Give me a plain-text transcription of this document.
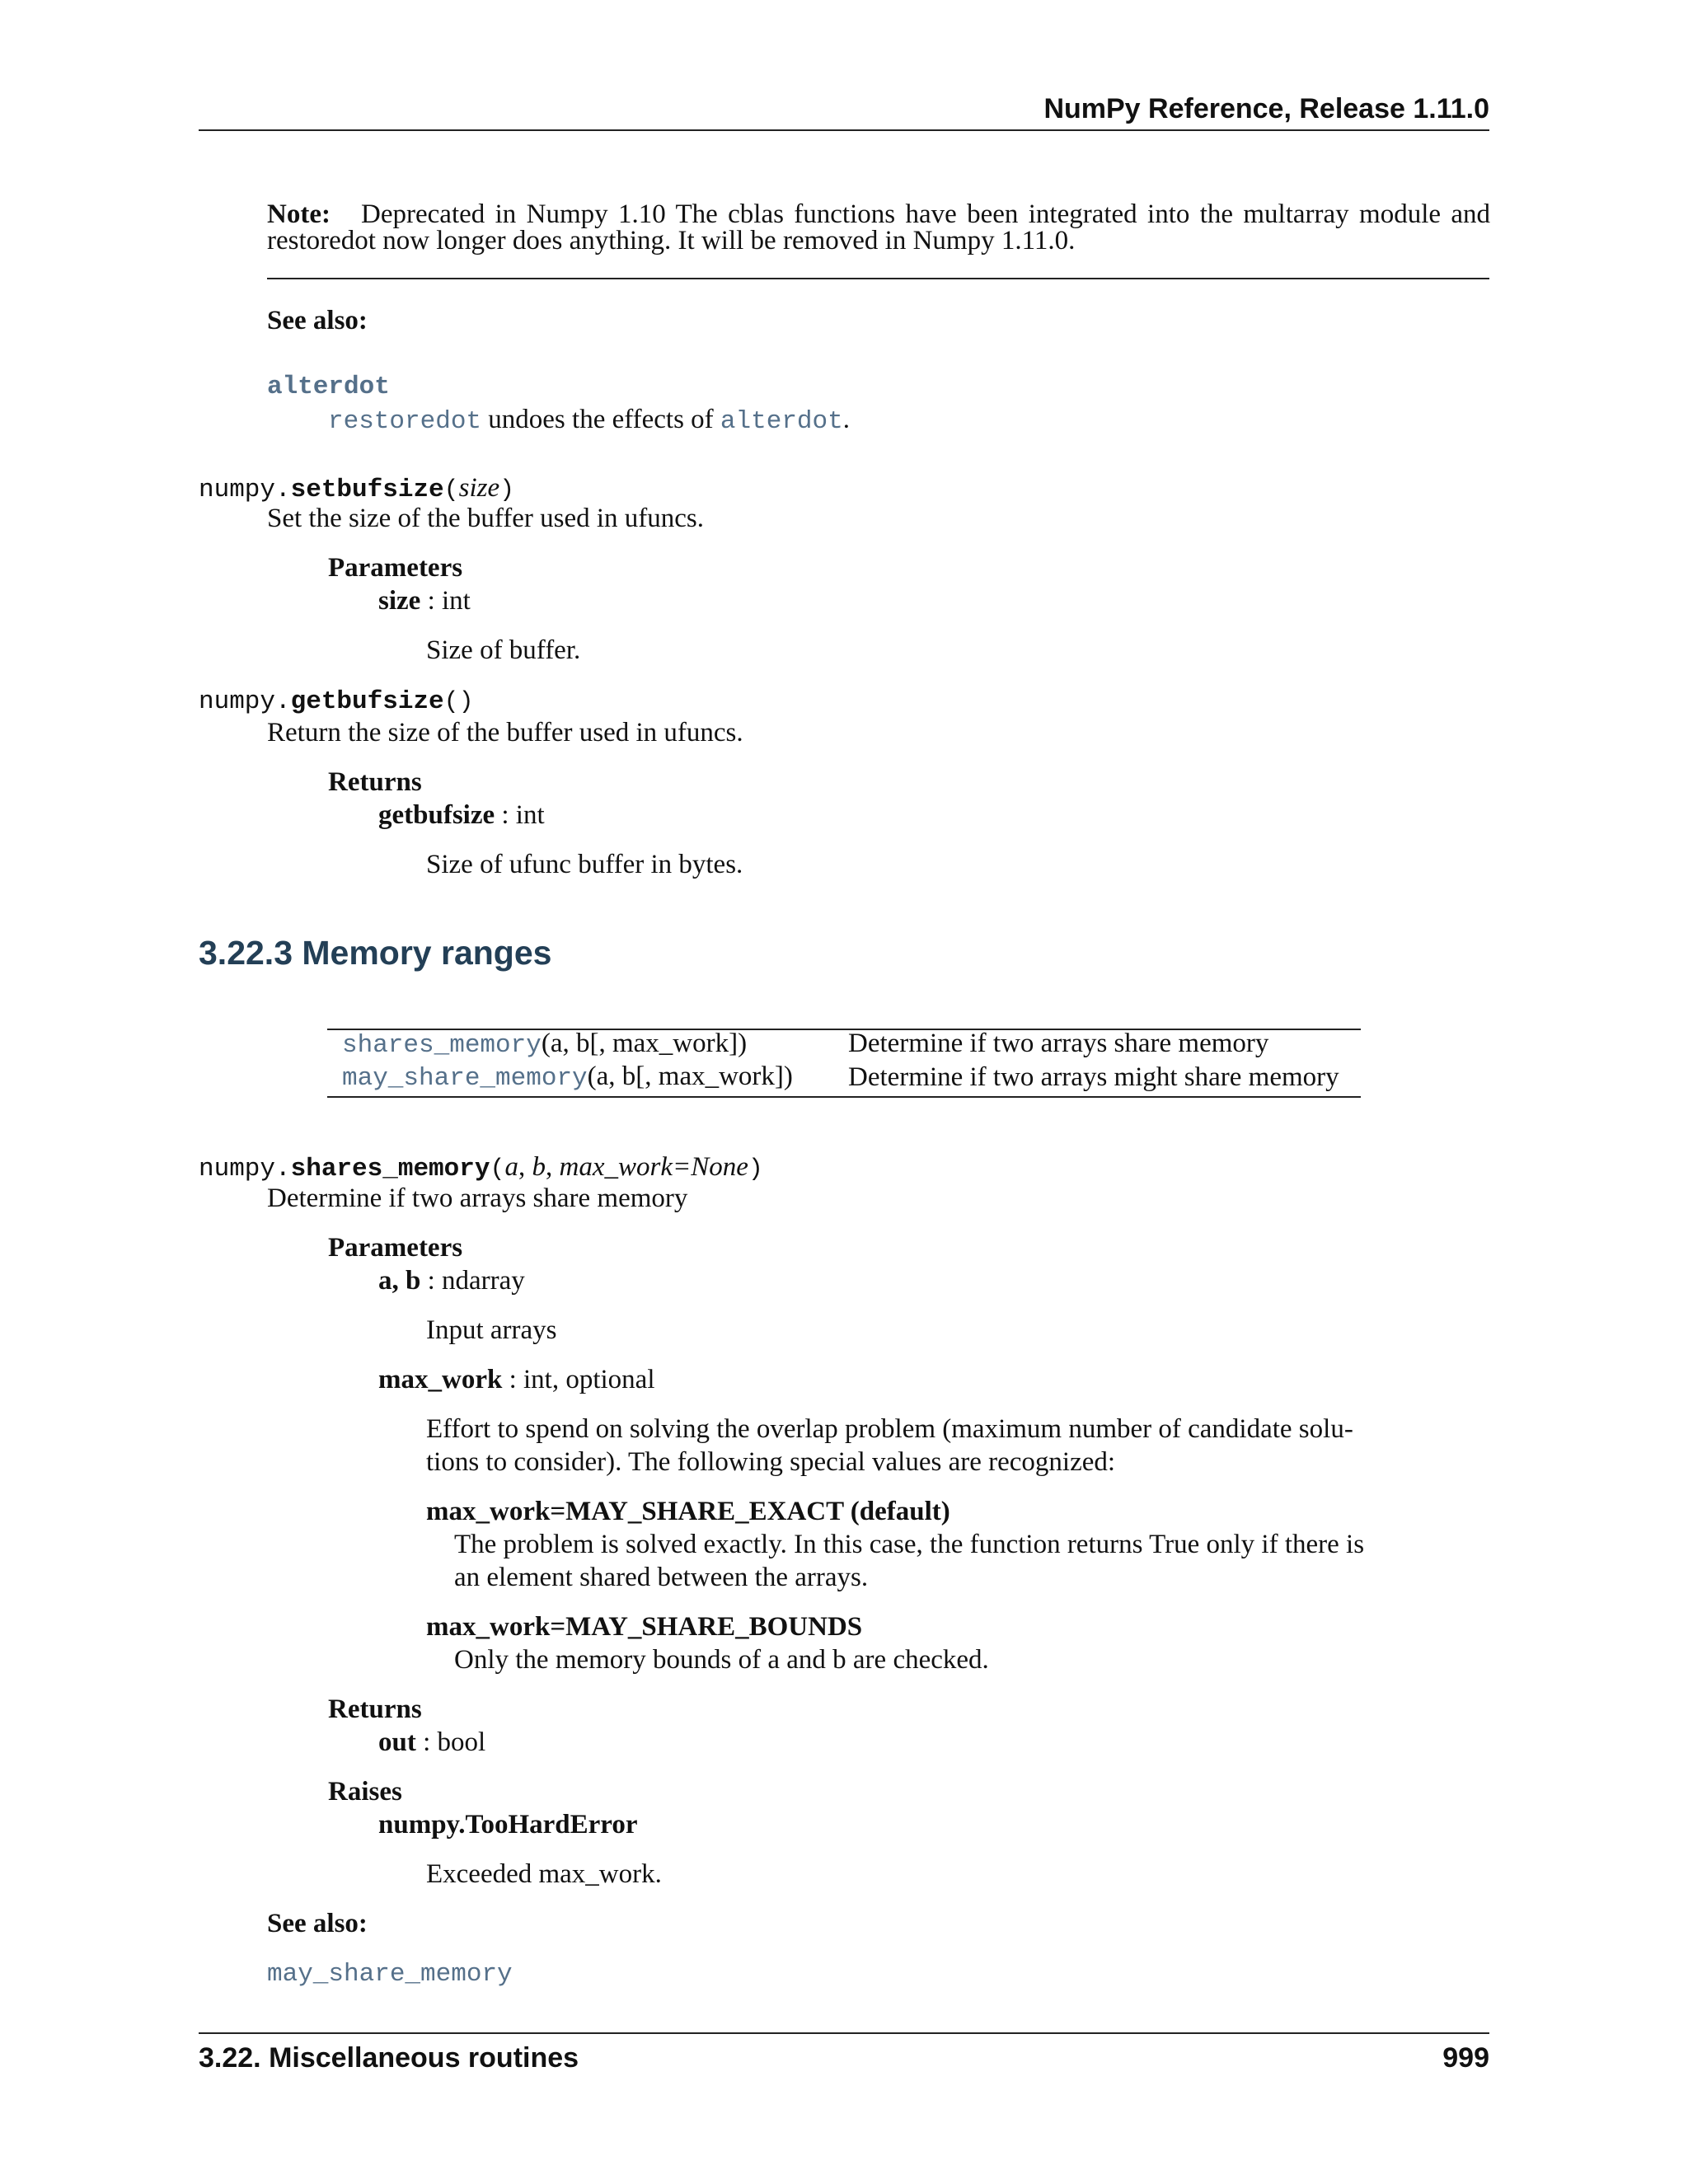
NumPy Reference, Release 1.11.0
Note: Deprecated in Numpy 1.10 The cblas functions have been integrated into the multarray module and restoredot now longer does anything. It will be removed in Numpy 1.11.0.
See also:
alterdot
restoredot undoes the effects of alterdot.
numpy.setbufsize(size)
Set the size of the buffer used in ufuncs.
Parameters
size : int
Size of buffer.
numpy.getbufsize()
Return the size of the buffer used in ufuncs.
Returns
getbufsize : int
Size of ufunc buffer in bytes.
3.22.3 Memory ranges
shares_memory(a, b[, max_work])	Determine if two arrays share memory
may_share_memory(a, b[, max_work])	Determine if two arrays might share memory
numpy.shares_memory(a, b, max_work=None)
Determine if two arrays share memory
Parameters
a, b : ndarray
Input arrays
max_work : int, optional
Effort to spend on solving the overlap problem (maximum number of candidate solu-
tions to consider). The following special values are recognized:
max_work=MAY_SHARE_EXACT (default)
The problem is solved exactly. In this case, the function returns True only if there is
an element shared between the arrays.
max_work=MAY_SHARE_BOUNDS
Only the memory bounds of a and b are checked.
Returns
out : bool
Raises
numpy.TooHardError
Exceeded max_work.
See also:
may_share_memory
3.22. Miscellaneous routines	999
